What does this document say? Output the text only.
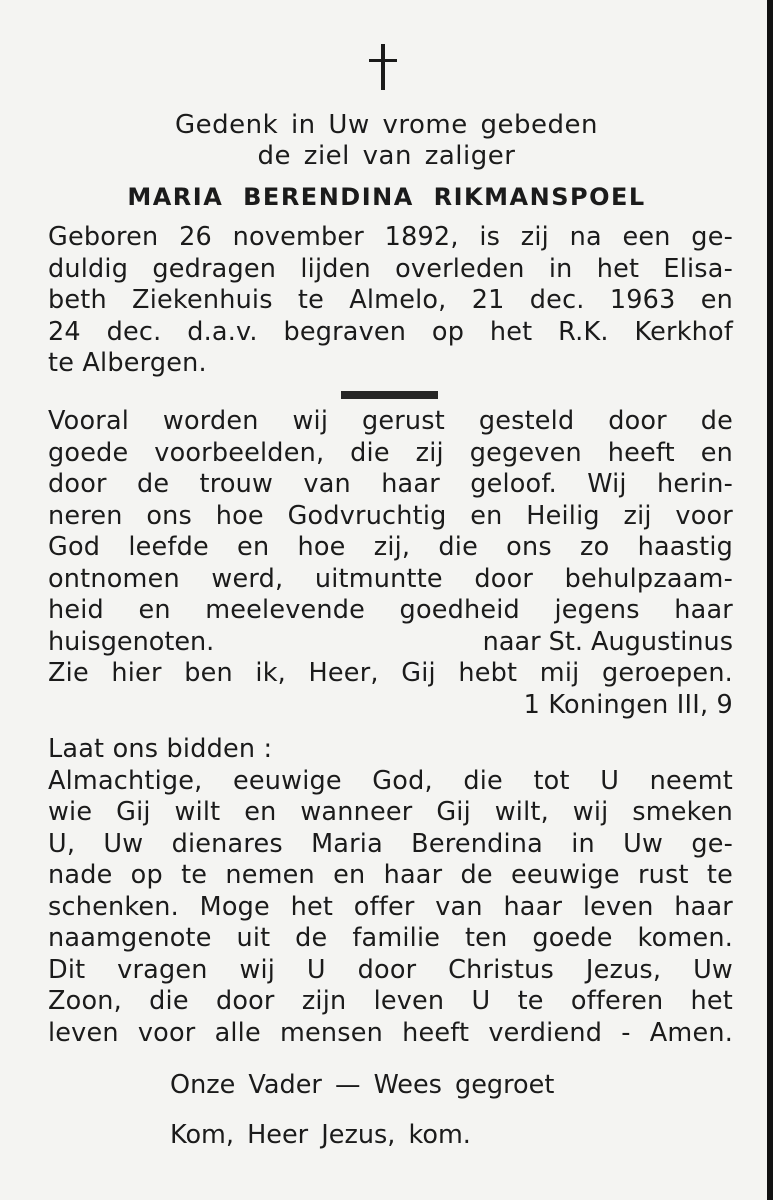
Gedenk in Uw vrome gebeden
de ziel van zaliger
MARIA BERENDINA RIKMANSPOEL
Geboren 26 november 1892, is zij na een ge-
duldig gedragen lijden overleden in het Elisa-
beth Ziekenhuis te Almelo, 21 dec. 1963 en
24 dec. d.a.v. begraven op het R.K. Kerkhof
te Albergen.
Vooral worden wij gerust gesteld door de
goede voorbeelden, die zij gegeven heeft en
door de trouw van haar geloof. Wij herin-
neren ons hoe Godvruchtig en Heilig zij voor
God leefde en hoe zij, die ons zo haastig
ontnomen werd, uitmuntte door behulpzaam-
heid en meelevende goedheid jegens haar
huisgenoten.	naar St. Augustinus
Zie hier ben ik, Heer, Gij hebt mij geroepen.
1 Koningen III, 9
Laat ons bidden :
Almachtige, eeuwige God, die tot U neemt
wie Gij wilt en wanneer Gij wilt, wij smeken
U, Uw dienares Maria Berendina in Uw ge-
nade op te nemen en haar de eeuwige rust te
schenken. Moge het offer van haar leven haar
naamgenote uit de familie ten goede komen.
Dit vragen wij U door Christus Jezus, Uw
Zoon, die door zijn leven U te offeren het
leven voor alle mensen heeft verdiend - Amen.
Onze Vader — Wees gegroet
Kom, Heer Jezus, kom.
